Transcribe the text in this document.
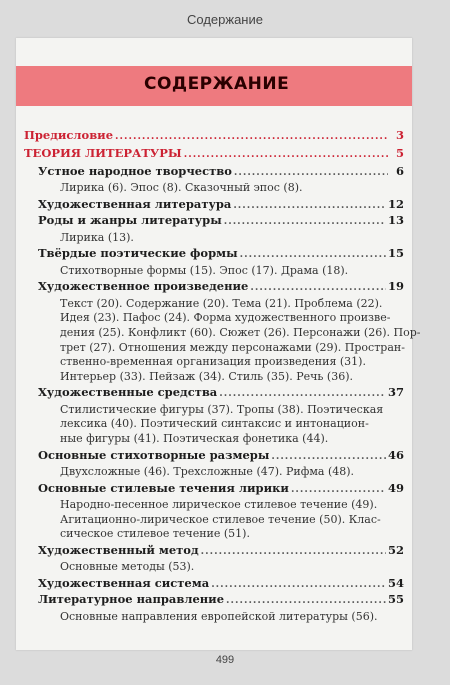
Содержание
СОДЕРЖАНИЕ
Предисловие .....	3
ТЕОРИЯ ЛИТЕРАТУРЫ .....	5
Устное народное творчество .....	6
Лирика (6). Эпос (8). Сказочный эпос (8).
Художественная литература .....	12
Роды и жанры литературы .....	13
Лирика (13).
Твёрдые поэтические формы .....	15
Стихотворные формы (15). Эпос (17). Драма (18).
Художественное произведение .....	19
Текст (20). Содержание (20). Тема (21). Проблема (22).
Идея (23). Пафос (24). Форма художественного произве-
дения (25). Конфликт (60). Сюжет (26). Персонажи (26). Пор-
трет (27). Отношения между персонажами (29). Простран-
ственно-временная организация произведения (31).
Интерьер (33). Пейзаж (34). Стиль (35). Речь (36).
Художественные средства .....	37
Стилистические фигуры (37). Тропы (38). Поэтическая
лексика (40). Поэтический синтаксис и интонацион-
ные фигуры (41). Поэтическая фонетика (44).
Основные стихотворные размеры .....	46
Двухсложные (46). Трехсложные (47). Рифма (48).
Основные стилевые течения лирики .....	49
Народно-песенное лирическое стилевое течение (49).
Агитационно-лирическое стилевое течение (50). Клас-
сическое стилевое течение (51).
Художественный метод .....	52
Основные методы (53).
Художественная система .....	54
Литературное направление .....	55
Основные направления европейской литературы (56).
499
